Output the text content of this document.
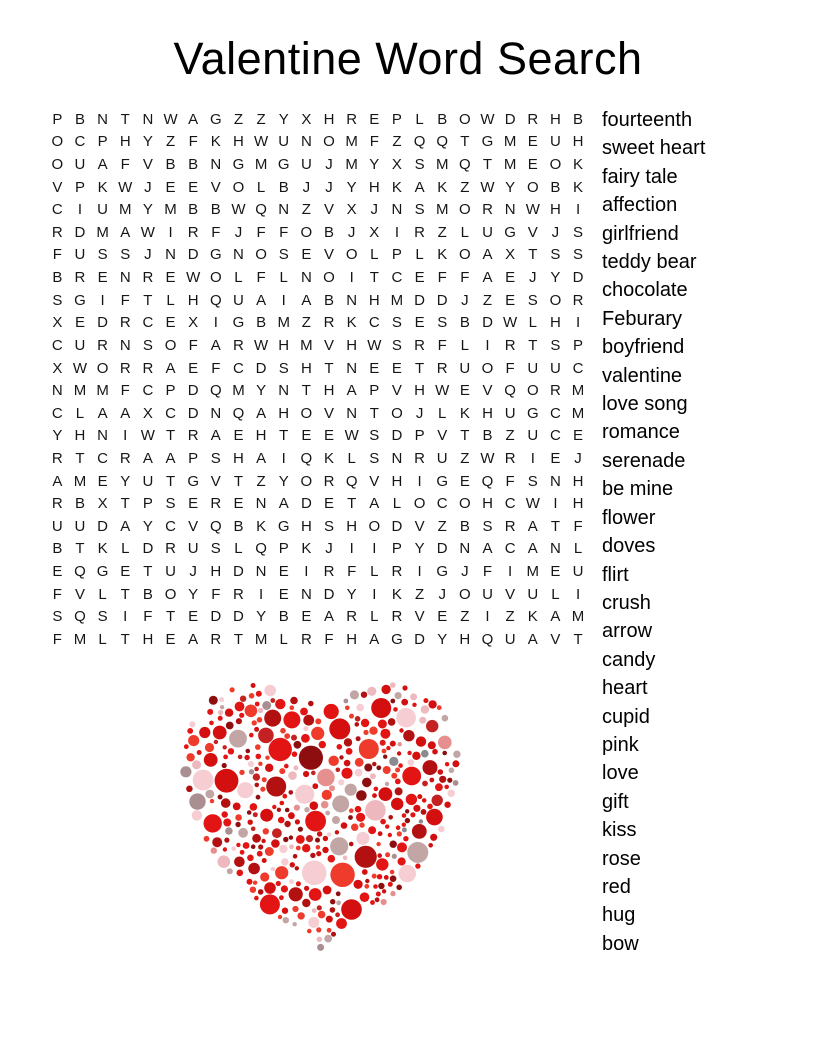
Valentine Word Search
P B N T N W A G Z Z Y X H R E P L B O W D R H B
O C P H Y Z F K H W U N O M F Z Q Q T G M E U H
O U A F V B B N G M G U J M Y X S M Q T M E O K
V P K W J E E V O L B J	J Y H K A K Z W Y O B K
C	I	U M Y M B B W Q N Z V X J N S M O R N W H	I
R D M A W I	R F J F F O B J X	I	R Z L U G V J S
F U S S J N D G N O S E V O L P L K O A X T S S
B R E N R E W O L F L N O I	T C E F F A E J Y D
S G I	F T L H Q U A	I	A B N H M D D J Z E S O R
X E D R C E X	I G B M Z R K C S E S B D W L H	I
C U R N S O F A R W H M V H W S R F L	I	R T S P
X W O R R A E F C D S H T N E E T R U O F U U C
N M M F C P D Q M Y N T H A P V H W E V Q O R M
C L A A X C D N Q A H O V N T O J L K H U G C M
Y H N	I W T R A E H T E E W S D P V T B Z U C E
R T C R A A P S H A	I Q K L S N R U Z W R	I	E J
A M E Y U T G V T Z Y O R Q V H	I G E Q F S N H
R B X T P S E R E N A D E T A L O C O H C W I	H
U U D A Y C V Q B K G H S H O D V Z B S R A T F
B T K L D R U S L Q P K J	I	I	P Y D N A C A N L
E Q G E T U J H D N E	I	R F L R	I G J F	I M E U
F V L T B O Y F R	I	E N D Y	I	K Z J O U V U L	I
S Q S	I	F T E D D Y B E A R L R V E Z	I	Z K A M
F M L T H E A R T M L R F H A G D Y H Q U A V T
fourteenth
sweet heart
fairy tale
affection
girlfriend
teddy bear
chocolate
Feburary
boyfriend
valentine
love song
romance
serenade
be mine
flower
doves
flirt
crush
arrow
candy
heart
cupid
pink
love
gift
kiss
rose
red
hug
bow
